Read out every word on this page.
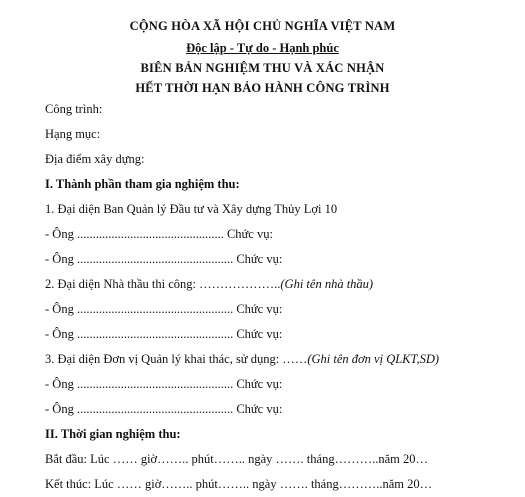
CỘNG HÒA XÃ HỘI CHỦ NGHĨA VIỆT NAM
Độc lập - Tự do - Hạnh phúc
BIÊN BẢN NGHIỆM THU VÀ XÁC NHẬN
HẾT THỜI HẠN BẢO HÀNH CÔNG TRÌNH
Công trình:
Hạng mục:
Địa điểm xây dựng:
I. Thành phần tham gia nghiệm thu:
1. Đại diện Ban Quản lý Đầu tư và Xây dựng Thủy Lợi 10
- Ông ............................................... Chức vụ:
- Ông .................................................. Chức vụ:
2. Đại diện Nhà thầu thi công: ………………..(Ghi tên nhà thầu)
- Ông .................................................. Chức vụ:
- Ông .................................................. Chức vụ:
3. Đại diện Đơn vị Quản lý khai thác, sử dụng: ……(Ghi tên đơn vị QLKT,SD)
- Ông .................................................. Chức vụ:
- Ông .................................................. Chức vụ:
II. Thời gian nghiệm thu:
Bắt đầu: Lúc …… giờ…….. phút…….. ngày ……. tháng………..năm 20…
Kết thúc: Lúc …… giờ…….. phút…….. ngày ……. tháng………..năm 20…
